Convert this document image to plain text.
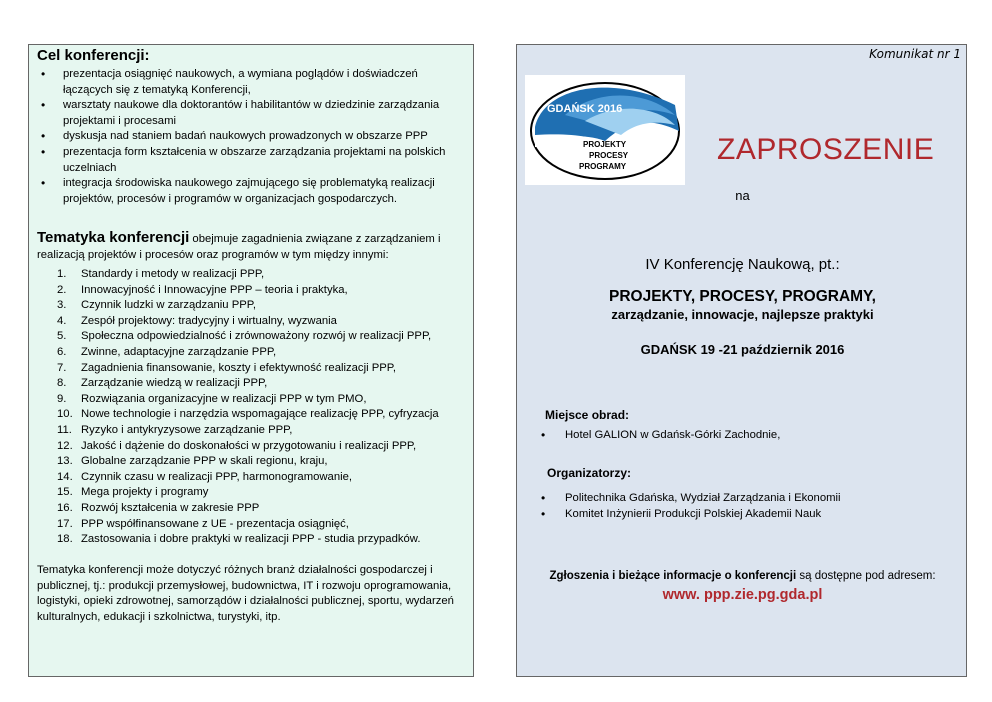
Cel konferencji:
• prezentacja osiągnięć naukowych, a wymiana poglądów i doświadczeń łączących się z tematyką Konferencji,
• warsztaty naukowe dla doktorantów i habilitantów w dziedzinie zarządzania projektami i procesami
• dyskusja nad staniem badań naukowych prowadzonych w obszarze PPP
• prezentacja form kształcenia w obszarze zarządzania projektami na polskich uczelniach
• integracja środowiska naukowego zajmującego się problematyką realizacji projektów, procesów i programów w organizacjach gospodarczych.
Tematyka konferencji obejmuje zagadnienia związane z zarządzaniem i realizacją projektów i procesów oraz programów w tym między innymi:
1. Standardy i metody w realizacji PPP,
2. Innowacyjność i Innowacyjne PPP – teoria i praktyka,
3. Czynnik ludzki w zarządzaniu PPP,
4. Zespół projektowy: tradycyjny i wirtualny, wyzwania
5. Społeczna odpowiedzialność i zrównoważony rozwój w realizacji PPP,
6. Zwinne, adaptacyjne zarządzanie PPP,
7. Zagadnienia finansowanie, koszty i efektywność realizacji PPP,
8. Zarządzanie wiedzą w realizacji PPP,
9. Rozwiązania organizacyjne w realizacji PPP w tym PMO,
10. Nowe technologie i narzędzia wspomagające realizację PPP, cyfryzacja
11. Ryzyko i antykryzysowe zarządzanie PPP,
12. Jakość i dążenie do doskonałości w przygotowaniu i realizacji PPP,
13. Globalne zarządzanie PPP w skali regionu, kraju,
14. Czynnik czasu w realizacji PPP, harmonogramowanie,
15. Mega projekty i programy
16. Rozwój kształcenia w zakresie PPP
17. PPP współfinansowane z UE - prezentacja osiągnięć,
18. Zastosowania i dobre praktyki w realizacji PPP - studia przypadków.
Tematyka konferencji może dotyczyć różnych branż działalności gospodarczej i publicznej, tj.: produkcji przemysłowej, budownictwa, IT i rozwoju oprogramowania, logistyki, opieki zdrowotnej, samorządów i działalności publicznej, sportu, wydarzeń kulturalnych, edukacji i szkolnictwa, turystyki, itp.
Komunikat nr 1
GDAŃSK 2016
PROJEKTY
PROCESY
PROGRAMY
ZAPROSZENIE
na
IV Konferencję Naukową, pt.:
PROJEKTY, PROCESY, PROGRAMY,
zarządzanie, innowacje, najlepsze praktyki
GDAŃSK 19 -21 październik 2016
Miejsce obrad:
• Hotel GALION w Gdańsk-Górki Zachodnie,
Organizatorzy:
• Politechnika Gdańska, Wydział Zarządzania i Ekonomii
• Komitet Inżynierii Produkcji Polskiej Akademii Nauk
Zgłoszenia i bieżące informacje o konferencji są dostępne pod adresem:
www. ppp.zie.pg.gda.pl
